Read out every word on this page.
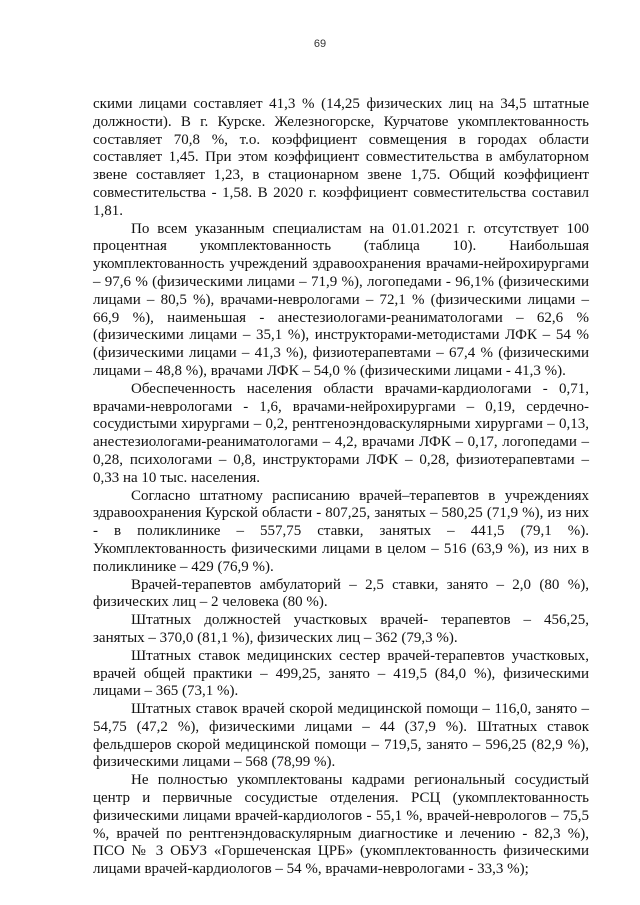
69

скими лицами составляет 41,3 % (14,25 физических лиц на 34,5 штатные должности). В г. Курске. Железногорске, Курчатове укомплектованность составляет 70,8 %, т.о. коэффициент совмещения в городах области составляет 1,45. При этом коэффициент совместительства в амбулаторном звене составляет 1,23, в стационарном звене 1,75. Общий коэффициент совместительства - 1,58. В 2020 г. коэффициент совместительства составил 1,81.

По всем указанным специалистам на 01.01.2021 г. отсутствует 100 процентная укомплектованность (таблица 10). Наибольшая укомплектованность учреждений здравоохранения врачами-нейрохирургами – 97,6 % (физическими лицами – 71,9 %), логопедами - 96,1% (физическими лицами – 80,5 %), врачами-неврологами – 72,1 % (физическими лицами – 66,9 %), наименьшая - анестезиологами-реаниматологами – 62,6 % (физическими лицами – 35,1 %), инструкторами-методистами ЛФК – 54 % (физическими лицами – 41,3 %), физиотерапевтами – 67,4 % (физическими лицами – 48,8 %), врачами ЛФК – 54,0 % (физическими лицами - 41,3 %).

Обеспеченность населения области врачами-кардиологами - 0,71, врачами-неврологами - 1,6, врачами-нейрохирургами – 0,19, сердечно-сосудистыми хирургами – 0,2, рентгеноэндоваскулярными хирургами – 0,13, анестезиологами-реаниматологами – 4,2, врачами ЛФК – 0,17, логопедами – 0,28, психологами – 0,8, инструкторами ЛФК – 0,28, физиотерапевтами – 0,33 на 10 тыс. населения.

Согласно штатному расписанию врачей–терапевтов в учреждениях здравоохранения Курской области - 807,25, занятых – 580,25 (71,9 %), из них - в поликлинике – 557,75 ставки, занятых – 441,5 (79,1 %). Укомплектованность физическими лицами в целом – 516 (63,9 %), из них в поликлинике – 429 (76,9 %).

Врачей-терапевтов амбулаторий – 2,5 ставки, занято – 2,0 (80 %), физических лиц – 2 человека (80 %).

Штатных должностей участковых врачей- терапевтов – 456,25, занятых – 370,0 (81,1 %), физических лиц – 362 (79,3 %).

Штатных ставок медицинских сестер врачей-терапевтов участковых, врачей общей практики – 499,25, занято – 419,5 (84,0 %), физическими лицами – 365 (73,1 %).

Штатных ставок врачей скорой медицинской помощи – 116,0, занято – 54,75 (47,2 %), физическими лицами – 44 (37,9 %). Штатных ставок фельдшеров скорой медицинской помощи – 719,5, занято – 596,25 (82,9 %), физическими лицами – 568 (78,99 %).

Не полностью укомплектованы кадрами региональный сосудистый центр и первичные сосудистые отделения. РСЦ (укомплектованность физическими лицами врачей-кардиологов - 55,1 %, врачей-неврологов – 75,5 %, врачей по рентгенэндоваскулярным диагностике и лечению - 82,3 %), ПСО № 3 ОБУЗ «Горшеченская ЦРБ» (укомплектованность физическими лицами врачей-кардиологов – 54 %, врачами-неврологами - 33,3 %);
